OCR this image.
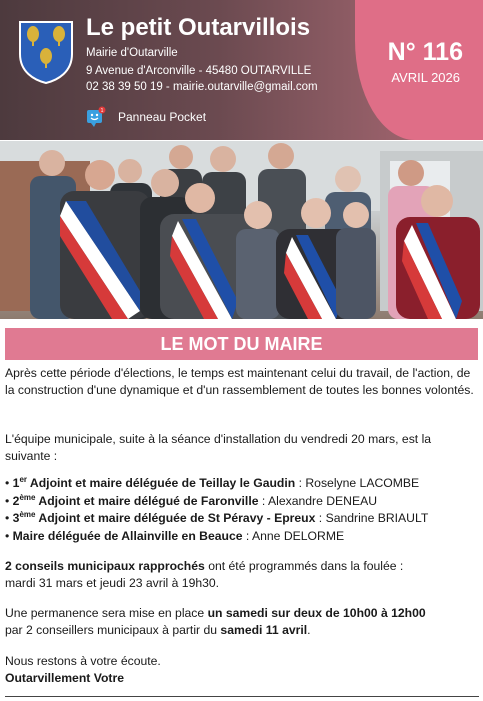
Le petit Outarvillois
Mairie d'Outarville
9 Avenue d'Arconville - 45480 OUTARVILLE
02 38 39 50 19 - mairie.outarville@gmail.com
N° 116
AVRIL 2026
1 Panneau Pocket
LE MOT DU MAIRE
Après cette période d'élections, le temps est maintenant celui du travail, de l'action, de la construction d'une dynamique et d'un rassemblement de toutes les bonnes volontés.
L'équipe municipale, suite à la séance d'installation du vendredi 20 mars, est la suivante :
• 1er Adjoint et maire déléguée de Teillay le Gaudin : Roselyne LACOMBE
• 2ème Adjoint et maire délégué de Faronville : Alexandre DENEAU
• 3ème Adjoint et maire déléguée de St Péravy - Epreux : Sandrine BRIAULT
• Maire déléguée de Allainville en Beauce : Anne DELORME
2 conseils municipaux rapprochés ont été programmés dans la foulée :
mardi 31 mars et jeudi 23 avril à 19h30.
Une permanence sera mise en place un samedi sur deux de 10h00 à 12h00
par 2 conseillers municipaux à partir du samedi 11 avril.
Nous restons à votre écoute.
Outarvillement Votre
